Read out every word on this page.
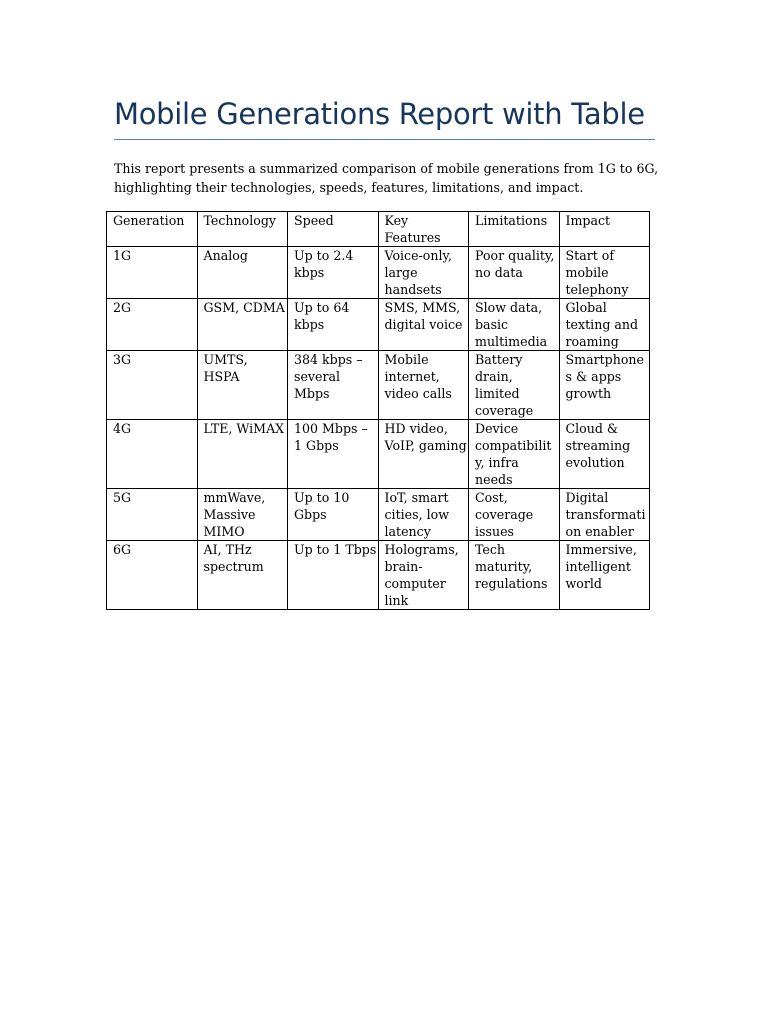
Mobile Generations Report with Table

This report presents a summarized comparison of mobile generations from 1G to 6G, highlighting their technologies, speeds, features, limitations, and impact.

Generation	Technology	Speed	Key Features	Limitations	Impact
1G	Analog	Up to 2.4 kbps	Voice-only, large handsets	Poor quality, no data	Start of mobile telephony
2G	GSM, CDMA	Up to 64 kbps	SMS, MMS, digital voice	Slow data, basic multimedia	Global texting and roaming
3G	UMTS, HSPA	384 kbps – several Mbps	Mobile internet, video calls	Battery drain, limited coverage	Smartphones & apps growth
4G	LTE, WiMAX	100 Mbps – 1 Gbps	HD video, VoIP, gaming	Device compatibility, infra needs	Cloud & streaming evolution
5G	mmWave, Massive MIMO	Up to 10 Gbps	IoT, smart cities, low latency	Cost, coverage issues	Digital transformation enabler
6G	AI, THz spectrum	Up to 1 Tbps	Holograms, brain-computer link	Tech maturity, regulations	Immersive, intelligent world
